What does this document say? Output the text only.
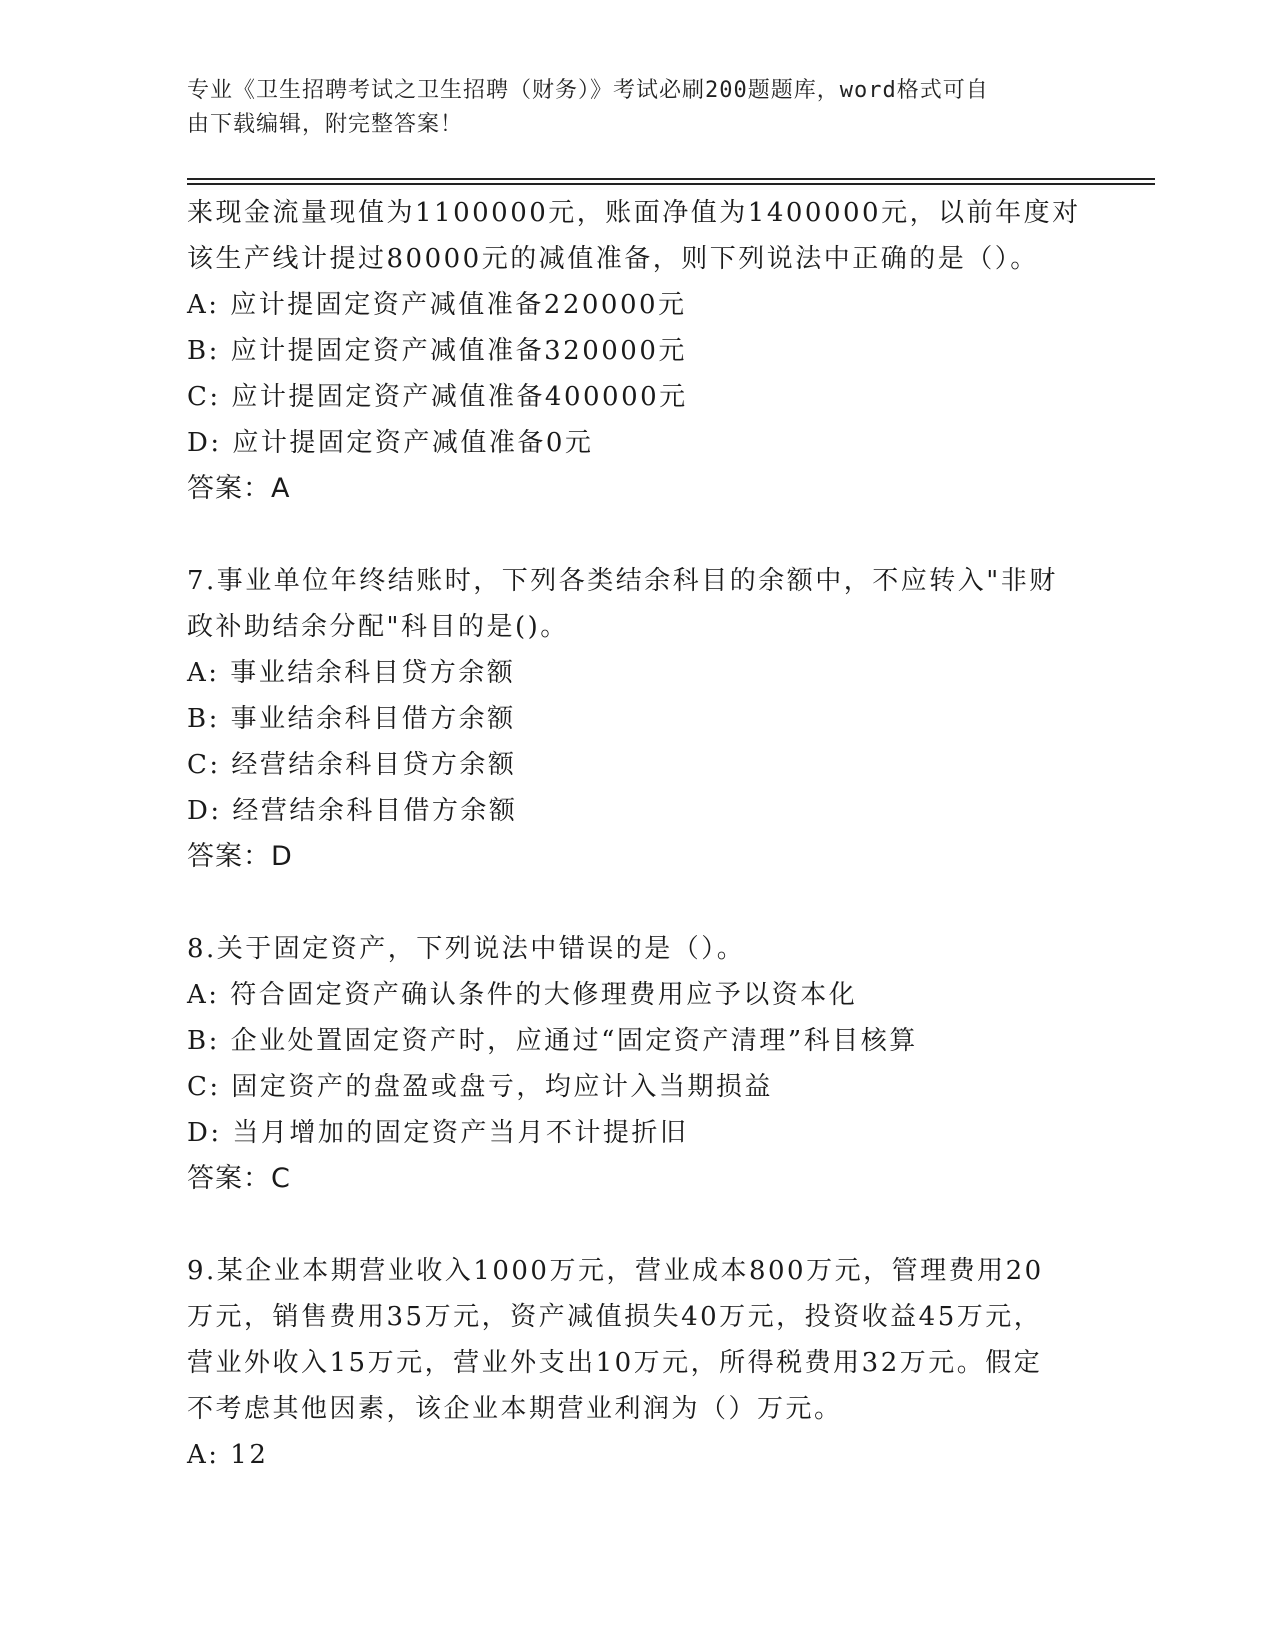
专业《卫生招聘考试之卫生招聘（财务）》考试必刷200题题库，word格式可自
由下载编辑，附完整答案！
来现金流量现值为1100000元，账面净值为1400000元，以前年度对
该生产线计提过80000元的减值准备，则下列说法中正确的是（）。
A: 应计提固定资产减值准备220000元
B: 应计提固定资产减值准备320000元
C: 应计提固定资产减值准备400000元
D: 应计提固定资产减值准备0元
答案：A
7.事业单位年终结账时，下列各类结余科目的余额中，不应转入"非财
政补助结余分配"科目的是()。
A: 事业结余科目贷方余额
B: 事业结余科目借方余额
C: 经营结余科目贷方余额
D: 经营结余科目借方余额
答案：D
8.关于固定资产，下列说法中错误的是（）。
A: 符合固定资产确认条件的大修理费用应予以资本化
B: 企业处置固定资产时，应通过“固定资产清理”科目核算
C: 固定资产的盘盈或盘亏，均应计入当期损益
D: 当月增加的固定资产当月不计提折旧
答案：C
9.某企业本期营业收入1000万元，营业成本800万元，管理费用20
万元，销售费用35万元，资产减值损失40万元，投资收益45万元，
营业外收入15万元，营业外支出10万元，所得税费用32万元。假定
不考虑其他因素，该企业本期营业利润为（）万元。
A: 12
